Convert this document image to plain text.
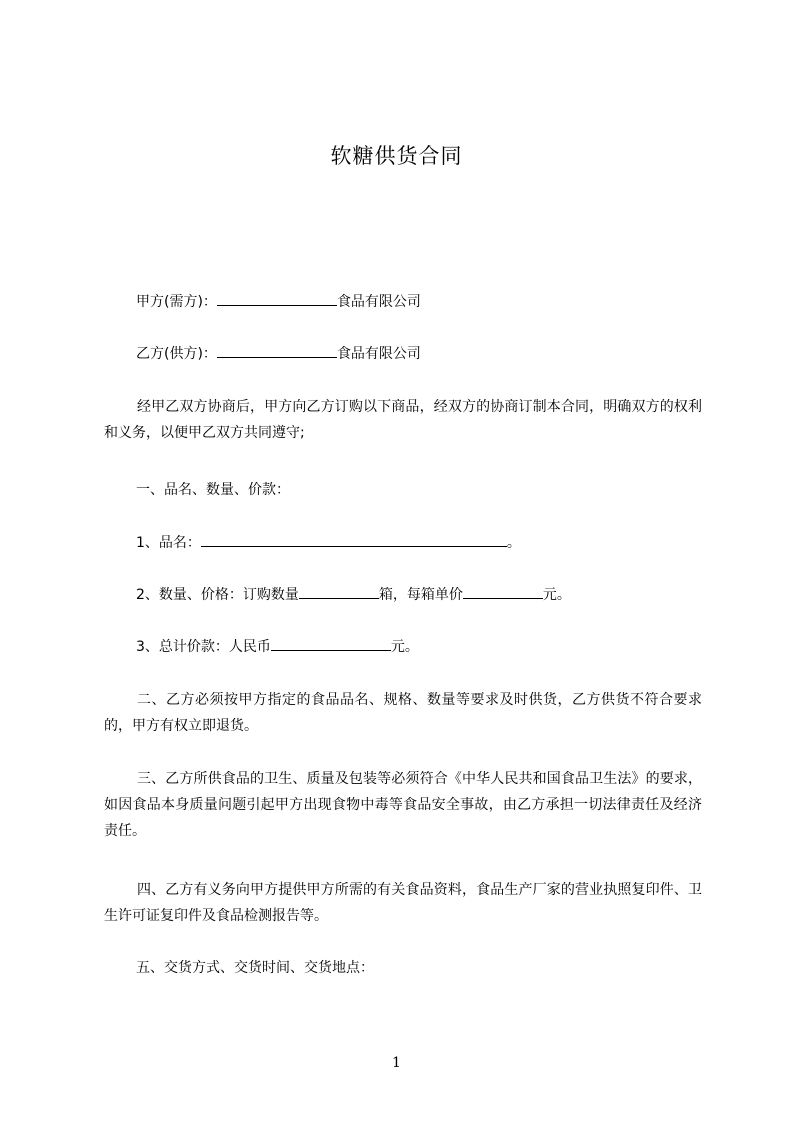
软糖供货合同

甲方(需方)：	食品有限公司

乙方(供方)：	食品有限公司

经甲乙双方协商后，甲方向乙方订购以下商品，经双方的协商订制本合同，明确双方的权利和义务，以便甲乙双方共同遵守;

一、品名、数量、价款：

1、品名：	。

2、数量、价格：订购数量	箱，每箱单价	元。

3、总计价款：人民币	元。

二、乙方必须按甲方指定的食品品名、规格、数量等要求及时供货，乙方供货不符合要求的，甲方有权立即退货。

三、乙方所供食品的卫生、质量及包装等必须符合《中华人民共和国食品卫生法》的要求，如因食品本身质量问题引起甲方出现食物中毒等食品安全事故，由乙方承担一切法律责任及经济责任。

四、乙方有义务向甲方提供甲方所需的有关食品资料，食品生产厂家的营业执照复印件、卫生许可证复印件及食品检测报告等。

五、交货方式、交货时间、交货地点：

1
